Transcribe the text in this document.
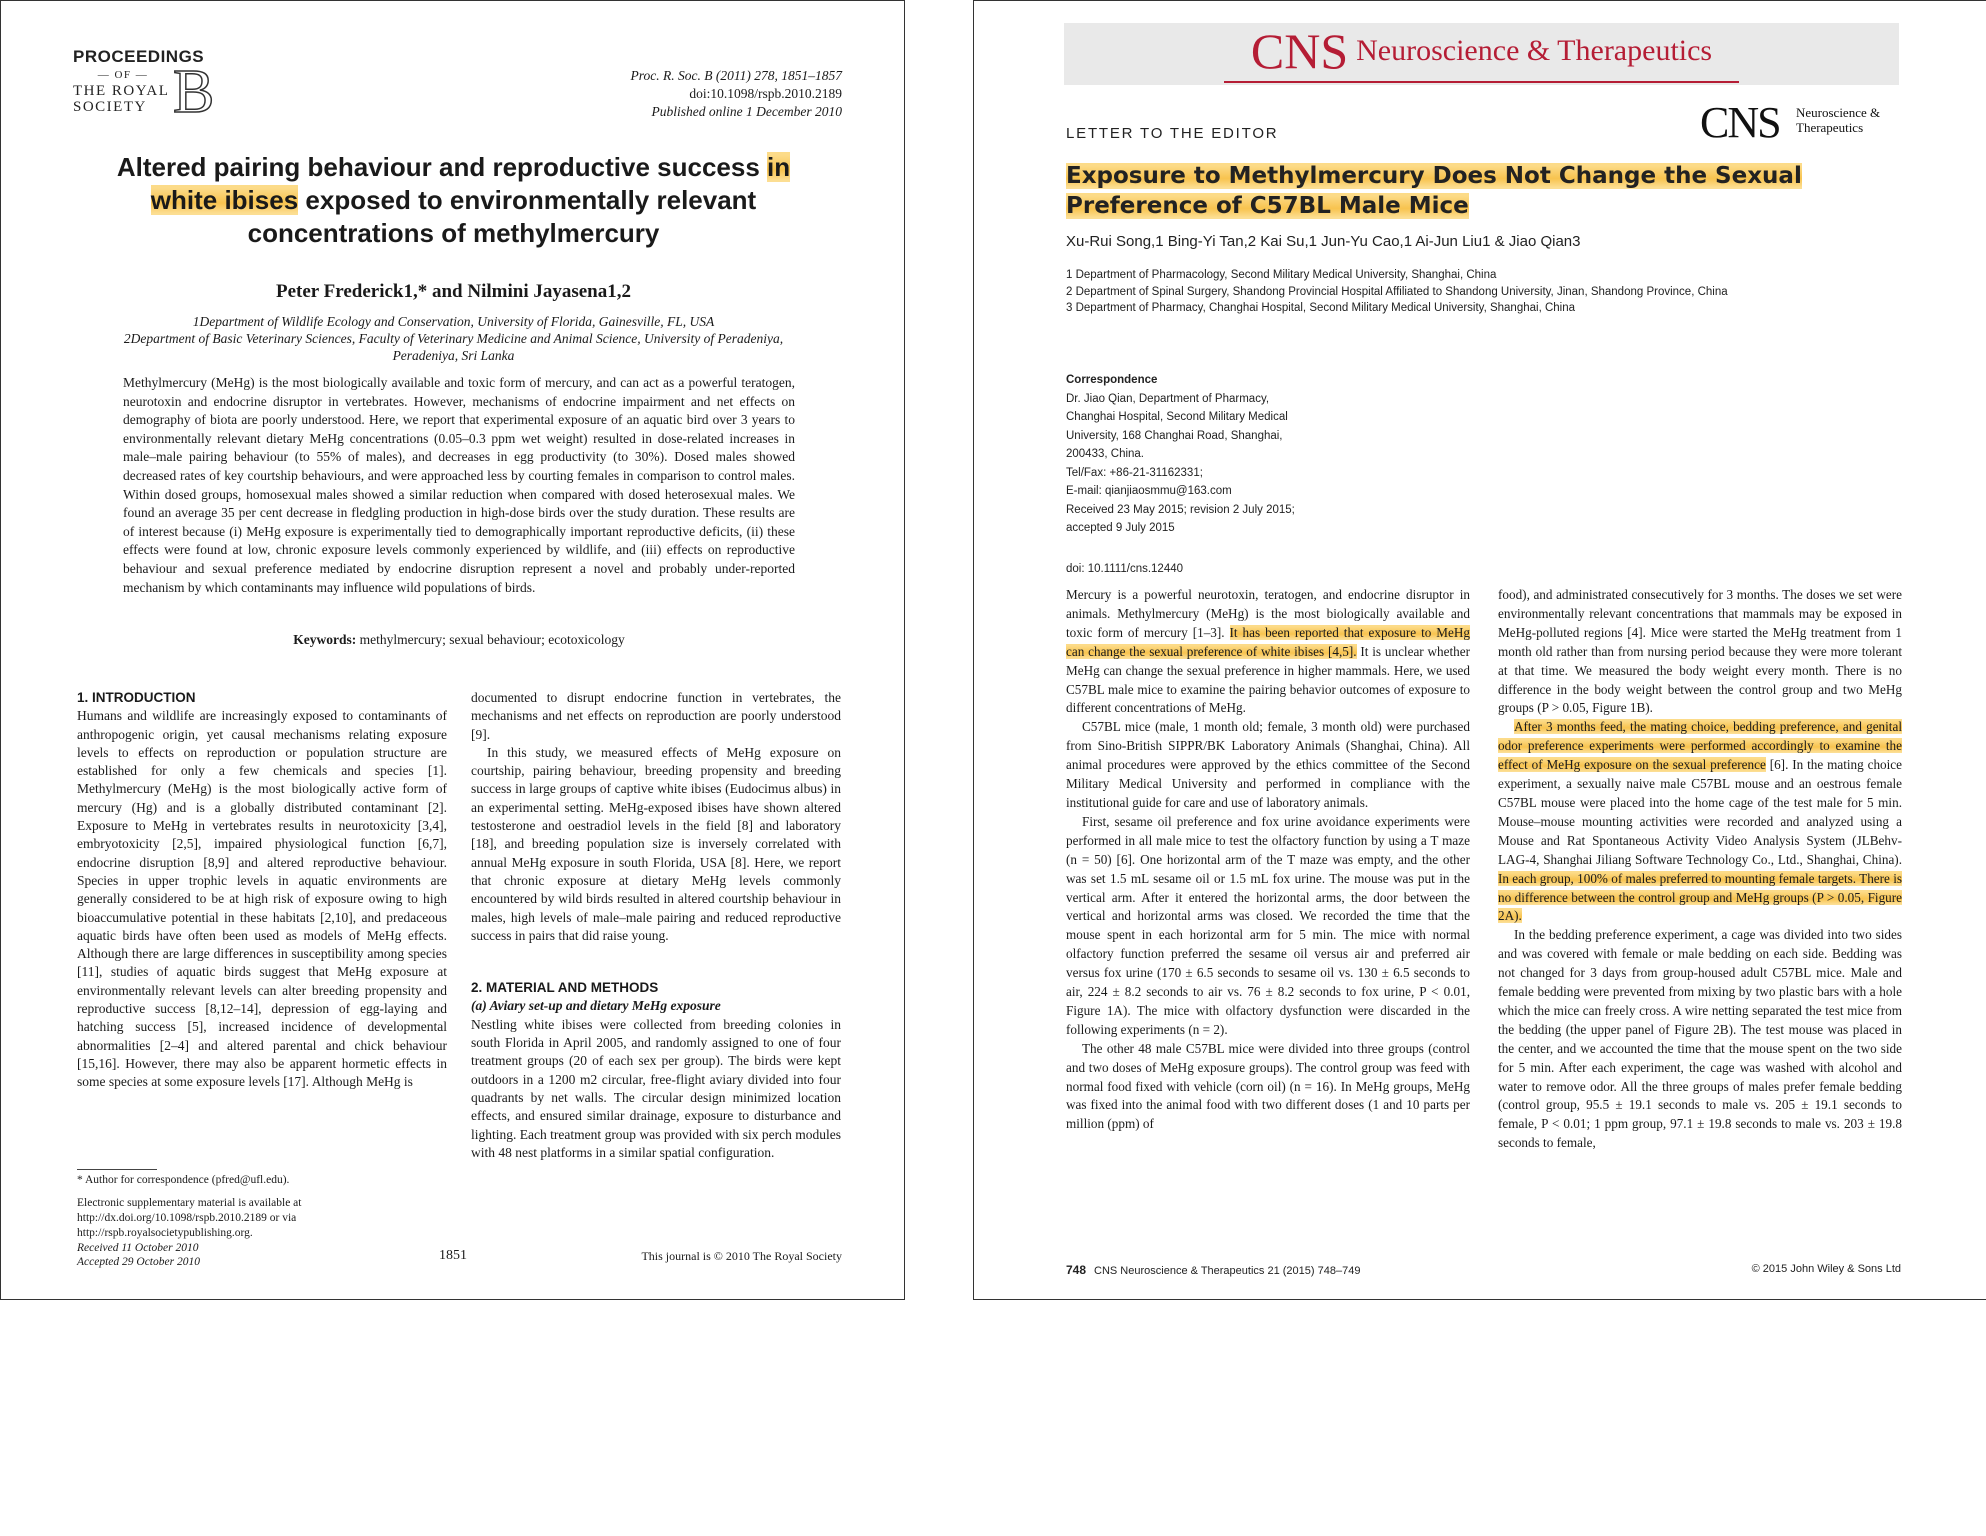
PROCEEDINGS
— OF —
THE ROYAL
SOCIETY B	Proc. R. Soc. B (2011) 278, 1851–1857
doi:10.1098/rspb.2010.2189
Published online 1 December 2010
Altered pairing behaviour and reproductive success in white ibises exposed to environmentally relevant concentrations of methylmercury
Peter Frederick1,* and Nilmini Jayasena1,2
1Department of Wildlife Ecology and Conservation, University of Florida, Gainesville, FL, USA
2Department of Basic Veterinary Sciences, Faculty of Veterinary Medicine and Animal Science, University of Peradeniya, Peradeniya, Sri Lanka

Methylmercury (MeHg) is the most biologically available and toxic form of mercury, and can act as a powerful teratogen, neurotoxin and endocrine disruptor in vertebrates. However, mechanisms of endocrine impairment and net effects on demography of biota are poorly understood. Here, we report that experimental exposure of an aquatic bird over 3 years to environmentally relevant dietary MeHg concentrations (0.05–0.3 ppm wet weight) resulted in dose-related increases in male–male pairing behaviour (to 55% of males), and decreases in egg productivity (to 30%). Dosed males showed decreased rates of key courtship behaviours, and were approached less by courting females in comparison to control males. Within dosed groups, homosexual males showed a similar reduction when compared with dosed heterosexual males. We found an average 35 per cent decrease in fledgling production in high-dose birds over the study duration. These results are of interest because (i) MeHg exposure is experimentally tied to demographically important reproductive deficits, (ii) these effects were found at low, chronic exposure levels commonly experienced by wildlife, and (iii) effects on reproductive behaviour and sexual preference mediated by endocrine disruption represent a novel and probably under-reported mechanism by which contaminants may influence wild populations of birds.

Keywords: methylmercury; sexual behaviour; ecotoxicology
1. INTRODUCTION

Humans and wildlife are increasingly exposed to contaminants of anthropogenic origin, yet causal mechanisms relating exposure levels to effects on reproduction or population structure are established for only a few chemicals and species [1]. Methylmercury (MeHg) is the most biologically active form of mercury (Hg) and is a globally distributed contaminant [2]. Exposure to MeHg in vertebrates results in neurotoxicity [3,4], embryotoxicity [2,5], impaired physiological function [6,7], endocrine disruption [8,9] and altered reproductive behaviour. Species in upper trophic levels in aquatic environments are generally considered to be at high risk of exposure owing to high bioaccumulative potential in these habitats [2,10], and predaceous aquatic birds have often been used as models of MeHg effects. Although there are large differences in susceptibility among species [11], studies of aquatic birds suggest that MeHg exposure at environmentally relevant levels can alter breeding propensity and reproductive success [8,12–14], depression of egg-laying and hatching success [5], increased incidence of developmental abnormalities [2–4] and altered parental and chick behaviour [15,16]. However, there may also be apparent hormetic effects in some species at some exposure levels [17]. Although MeHg is

documented to disrupt endocrine function in vertebrates, the mechanisms and net effects on reproduction are poorly understood [9].

In this study, we measured effects of MeHg exposure on courtship, pairing behaviour, breeding propensity and breeding success in large groups of captive white ibises (Eudocimus albus) in an experimental setting. MeHg-exposed ibises have shown altered testosterone and oestradiol levels in the field [8] and laboratory [18], and breeding population size is inversely correlated with annual MeHg exposure in south Florida, USA [8]. Here, we report that chronic exposure at dietary MeHg levels commonly encountered by wild birds resulted in altered courtship behaviour in males, high levels of male–male pairing and reduced reproductive success in pairs that did raise young.

2. MATERIAL AND METHODS
(a) Aviary set-up and dietary MeHg exposure

Nestling white ibises were collected from breeding colonies in south Florida in April 2005, and randomly assigned to one of four treatment groups (20 of each sex per group). The birds were kept outdoors in a 1200 m2 circular, free-flight aviary divided into four quadrants by net walls. The circular design minimized location effects, and ensured similar drainage, exposure to disturbance and lighting. Each treatment group was provided with six perch modules with 48 nest platforms in a similar spatial configuration.

* Author for correspondence (pfred@ufl.edu).
Electronic supplementary material is available at http://dx.doi.org/10.1098/rspb.2010.2189 or via http://rspb.royalsocietypublishing.org.
Received 11 October 2010
Accepted 29 October 2010	1851	This journal is © 2010 The Royal Society
CNS Neuroscience & Therapeutics
LETTER TO THE EDITOR	CNS Neuroscience &
Therapeutics
Exposure to Methylmercury Does Not Change the Sexual Preference of C57BL Male Mice
Xu-Rui Song,1 Bing-Yi Tan,2 Kai Su,1 Jun-Yu Cao,1 Ai-Jun Liu1 & Jiao Qian3
1 Department of Pharmacology, Second Military Medical University, Shanghai, China
2 Department of Spinal Surgery, Shandong Provincial Hospital Affiliated to Shandong University, Jinan, Shandong Province, China
3 Department of Pharmacy, Changhai Hospital, Second Military Medical University, Shanghai, China
Correspondence
Dr. Jiao Qian, Department of Pharmacy,
Changhai Hospital, Second Military Medical
University, 168 Changhai Road, Shanghai,
200433, China.
Tel/Fax: +86-21-31162331;
E-mail: qianjiaosmmu@163.com
Received 23 May 2015; revision 2 July 2015;
accepted 9 July 2015
doi: 10.1111/cns.12440

Mercury is a powerful neurotoxin, teratogen, and endocrine disruptor in animals. Methylmercury (MeHg) is the most biologically available and toxic form of mercury [1–3]. It has been reported that exposure to MeHg can change the sexual preference of white ibises [4,5]. It is unclear whether MeHg can change the sexual preference in higher mammals. Here, we used C57BL male mice to examine the pairing behavior outcomes of exposure to different concentrations of MeHg.

C57BL mice (male, 1 month old; female, 3 month old) were purchased from Sino-British SIPPR/BK Laboratory Animals (Shanghai, China). All animal procedures were approved by the ethics committee of the Second Military Medical University and performed in compliance with the institutional guide for care and use of laboratory animals.

First, sesame oil preference and fox urine avoidance experiments were performed in all male mice to test the olfactory function by using a T maze (n = 50) [6]. One horizontal arm of the T maze was empty, and the other was set 1.5 mL sesame oil or 1.5 mL fox urine. The mouse was put in the vertical arm. After it entered the horizontal arms, the door between the vertical and horizontal arms was closed. We recorded the time that the mouse spent in each horizontal arm for 5 min. The mice with normal olfactory function preferred the sesame oil versus air and preferred air versus fox urine (170 ± 6.5 seconds to sesame oil vs. 130 ± 6.5 seconds to air, 224 ± 8.2 seconds to air vs. 76 ± 8.2 seconds to fox urine, P < 0.01, Figure 1A). The mice with olfactory dysfunction were discarded in the following experiments (n = 2).

The other 48 male C57BL mice were divided into three groups (control and two doses of MeHg exposure groups). The control group was feed with normal food fixed with vehicle (corn oil) (n = 16). In MeHg groups, MeHg was fixed into the animal food with two different doses (1 and 10 parts per million (ppm) of

food), and administrated consecutively for 3 months. The doses we set were environmentally relevant concentrations that mammals may be exposed in MeHg-polluted regions [4]. Mice were started the MeHg treatment from 1 month old rather than from nursing period because they were more tolerant at that time. We measured the body weight every month. There is no difference in the body weight between the control group and two MeHg groups (P > 0.05, Figure 1B).

After 3 months feed, the mating choice, bedding preference, and genital odor preference experiments were performed accordingly to examine the effect of MeHg exposure on the sexual preference [6]. In the mating choice experiment, a sexually naive male C57BL mouse and an oestrous female C57BL mouse were placed into the home cage of the test male for 5 min. Mouse–mouse mounting activities were recorded and analyzed using a Mouse and Rat Spontaneous Activity Video Analysis System (JLBehv-LAG-4, Shanghai Jiliang Software Technology Co., Ltd., Shanghai, China). In each group, 100% of males preferred to mounting female targets. There is no difference between the control group and MeHg groups (P > 0.05, Figure 2A).

In the bedding preference experiment, a cage was divided into two sides and was covered with female or male bedding on each side. Bedding was not changed for 3 days from group-housed adult C57BL mice. Male and female bedding were prevented from mixing by two plastic bars with a hole which the mice can freely cross. A wire netting separated the test mice from the bedding (the upper panel of Figure 2B). The test mouse was placed in the center, and we accounted the time that the mouse spent on the two side for 5 min. After each experiment, the cage was washed with alcohol and water to remove odor. All the three groups of males prefer female bedding (control group, 95.5 ± 19.1 seconds to male vs. 205 ± 19.1 seconds to female, P < 0.01; 1 ppm group, 97.1 ± 19.8 seconds to male vs. 203 ± 19.8 seconds to female,

748 CNS Neuroscience & Therapeutics 21 (2015) 748–749	© 2015 John Wiley & Sons Ltd
